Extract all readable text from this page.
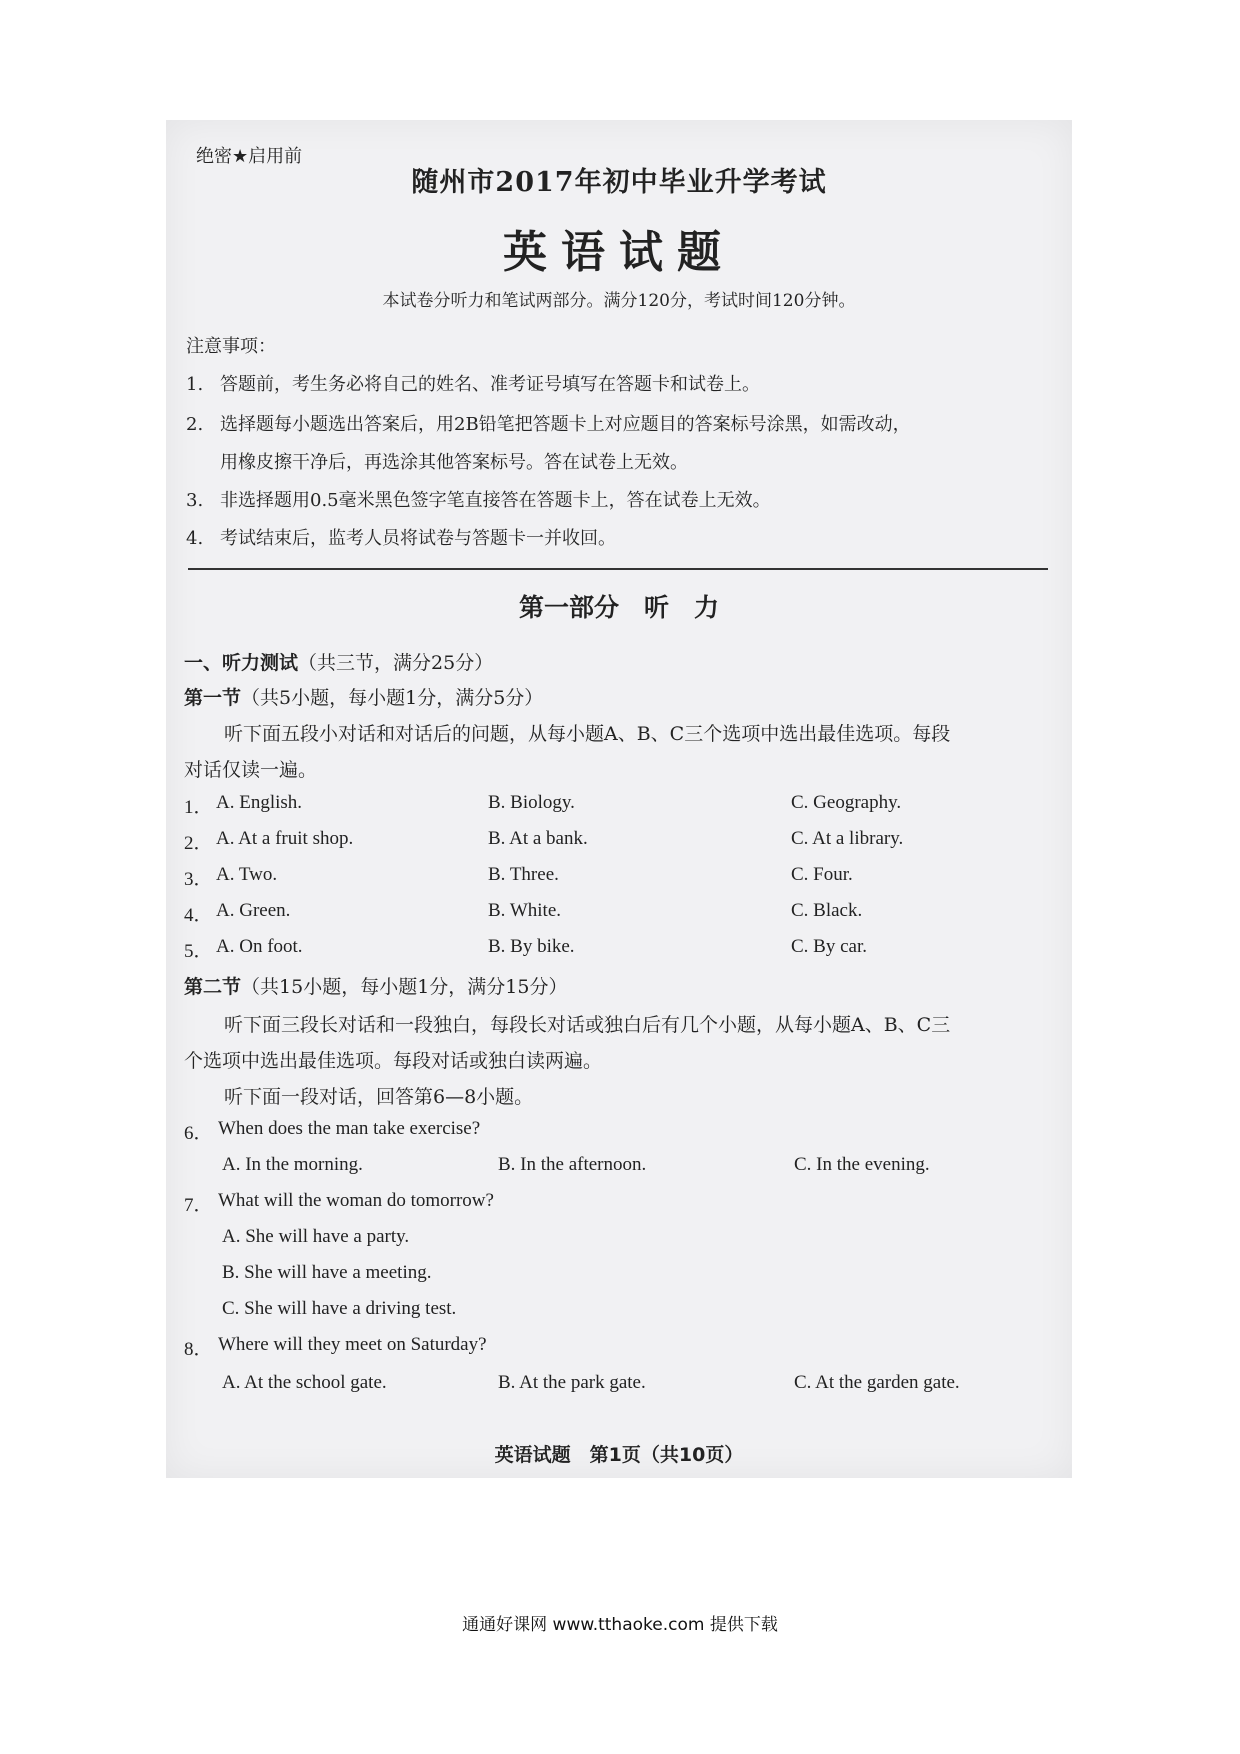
绝密★启用前
随州市2017年初中毕业升学考试
英语试题
本试卷分听力和笔试两部分。满分120分，考试时间120分钟。
注意事项：
1. 答题前，考生务必将自己的姓名、准考证号填写在答题卡和试卷上。
2. 选择题每小题选出答案后，用2B铅笔把答题卡上对应题目的答案标号涂黑，如需改动，
用橡皮擦干净后，再选涂其他答案标号。答在试卷上无效。
3. 非选择题用0.5毫米黑色签字笔直接答在答题卡上，答在试卷上无效。
4. 考试结束后，监考人员将试卷与答题卡一并收回。
第一部分　听　力
一、听力测试（共三节，满分25分）
第一节（共5小题，每小题1分，满分5分）
听下面五段小对话和对话后的问题，从每小题A、B、C三个选项中选出最佳选项。每段
对话仅读一遍。
1． A. English.	B. Biology.	C. Geography.
2． A. At a fruit shop.	B. At a bank.	C. At a library.
3． A. Two.	B. Three.	C. Four.
4． A. Green.	B. White.	C. Black.
5． A. On foot.	B. By bike.	C. By car.
第二节（共15小题，每小题1分，满分15分）
听下面三段长对话和一段独白，每段长对话或独白后有几个小题，从每小题A、B、C三
个选项中选出最佳选项。每段对话或独白读两遍。
听下面一段对话，回答第6—8小题。
6． When does the man take exercise?
A. In the morning.	B. In the afternoon.	C. In the evening.
7． What will the woman do tomorrow?
A. She will have a party.
B. She will have a meeting.
C. She will have a driving test.
8． Where will they meet on Saturday?
A. At the school gate.	B. At the park gate.	C. At the garden gate.
英语试题　第1页（共10页）
通通好课网 www.tthaoke.com 提供下载
